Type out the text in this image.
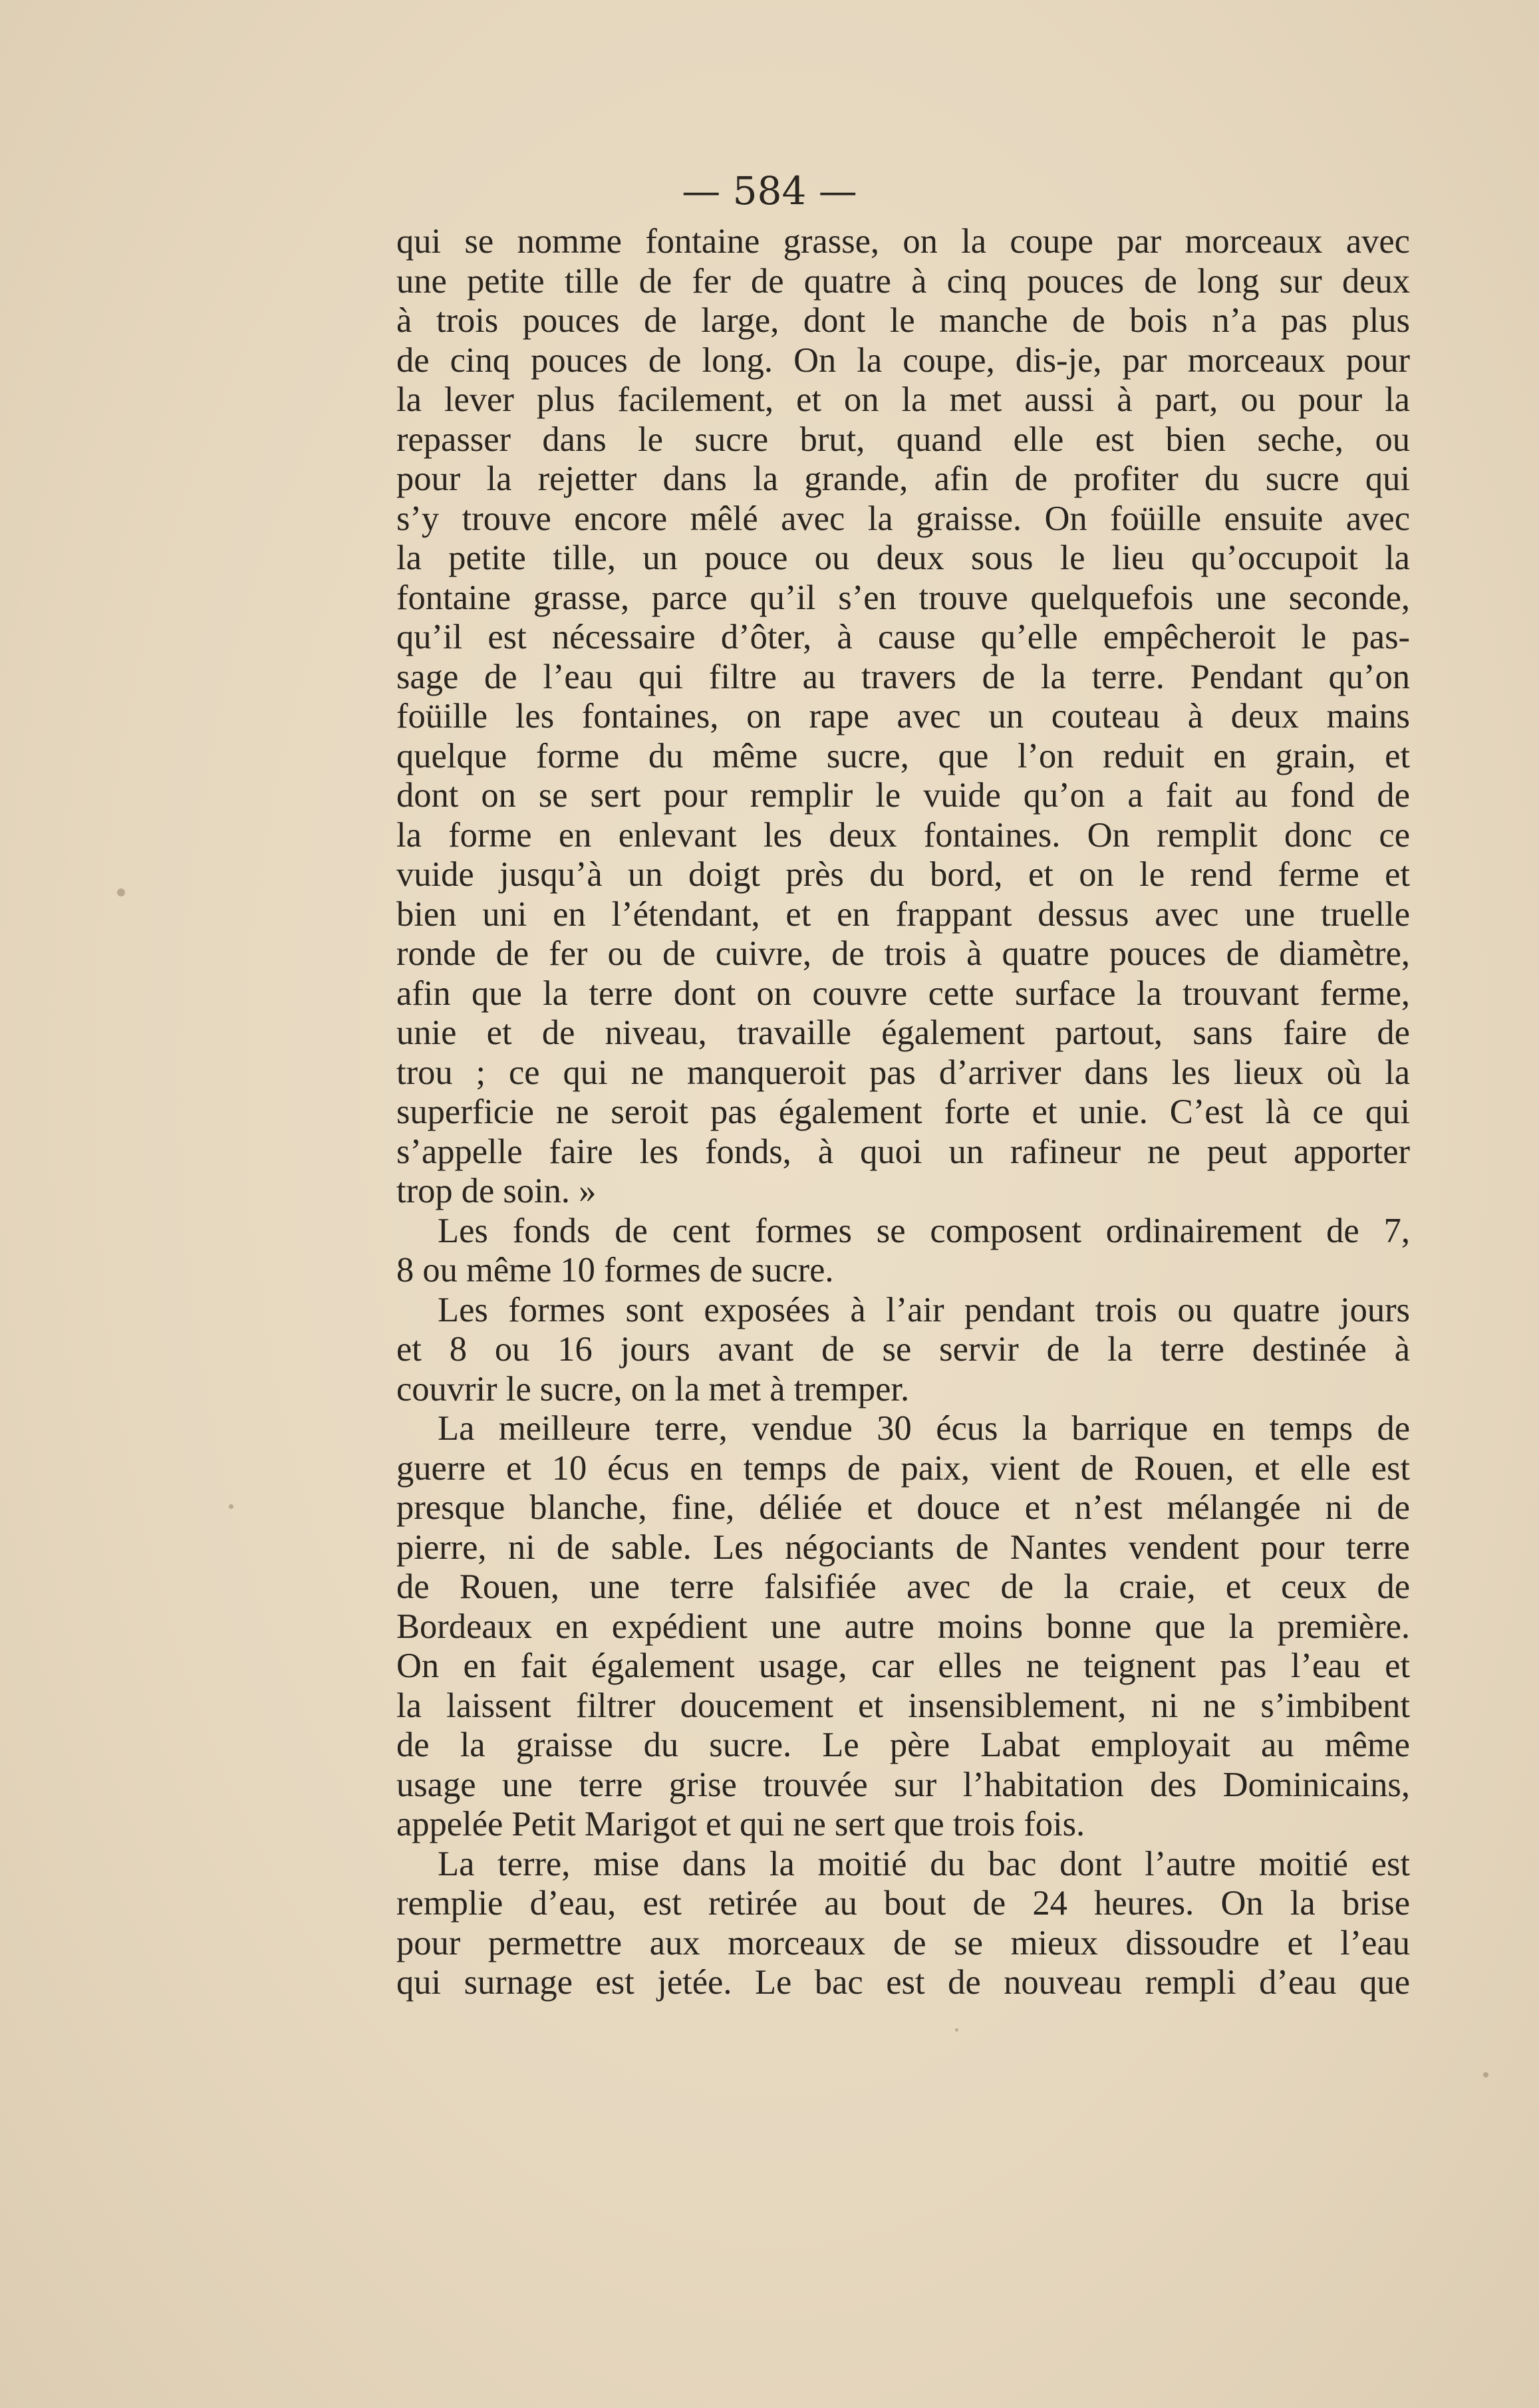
— 584 —
qui se nomme fontaine grasse, on la coupe par morceaux avec
une petite tille de fer de quatre à cinq pouces de long sur deux
à trois pouces de large, dont le manche de bois n’a pas plus
de cinq pouces de long. On la coupe, dis-je, par morceaux pour
la lever plus facilement, et on la met aussi à part, ou pour la
repasser dans le sucre brut, quand elle est bien seche, ou
pour la rejetter dans la grande, afin de profiter du sucre qui
s’y trouve encore mêlé avec la graisse. On foüille ensuite avec
la petite tille, un pouce ou deux sous le lieu qu’occupoit la
fontaine grasse, parce qu’il s’en trouve quelquefois une seconde,
qu’il est nécessaire d’ôter, à cause qu’elle empêcheroit le pas-
sage de l’eau qui filtre au travers de la terre. Pendant qu’on
foüille les fontaines, on rape avec un couteau à deux mains
quelque forme du même sucre, que l’on reduit en grain, et
dont on se sert pour remplir le vuide qu’on a fait au fond de
la forme en enlevant les deux fontaines. On remplit donc ce
vuide jusqu’à un doigt près du bord, et on le rend ferme et
bien uni en l’étendant, et en frappant dessus avec une truelle
ronde de fer ou de cuivre, de trois à quatre pouces de diamètre,
afin que la terre dont on couvre cette surface la trouvant ferme,
unie et de niveau, travaille également partout, sans faire de
trou ; ce qui ne manqueroit pas d’arriver dans les lieux où la
superficie ne seroit pas également forte et unie. C’est là ce qui
s’appelle faire les fonds, à quoi un rafineur ne peut apporter
trop de soin. »
Les fonds de cent formes se composent ordinairement de 7,
8 ou même 10 formes de sucre.
Les formes sont exposées à l’air pendant trois ou quatre jours
et 8 ou 16 jours avant de se servir de la terre destinée à
couvrir le sucre, on la met à tremper.
La meilleure terre, vendue 30 écus la barrique en temps de
guerre et 10 écus en temps de paix, vient de Rouen, et elle est
presque blanche, fine, déliée et douce et n’est mélangée ni de
pierre, ni de sable. Les négociants de Nantes vendent pour terre
de Rouen, une terre falsifiée avec de la craie, et ceux de
Bordeaux en expédient une autre moins bonne que la première.
On en fait également usage, car elles ne teignent pas l’eau et
la laissent filtrer doucement et insensiblement, ni ne s’imbibent
de la graisse du sucre. Le père Labat employait au même
usage une terre grise trouvée sur l’habitation des Dominicains,
appelée Petit Marigot et qui ne sert que trois fois.
La terre, mise dans la moitié du bac dont l’autre moitié est
remplie d’eau, est retirée au bout de 24 heures. On la brise
pour permettre aux morceaux de se mieux dissoudre et l’eau
qui surnage est jetée. Le bac est de nouveau rempli d’eau que
